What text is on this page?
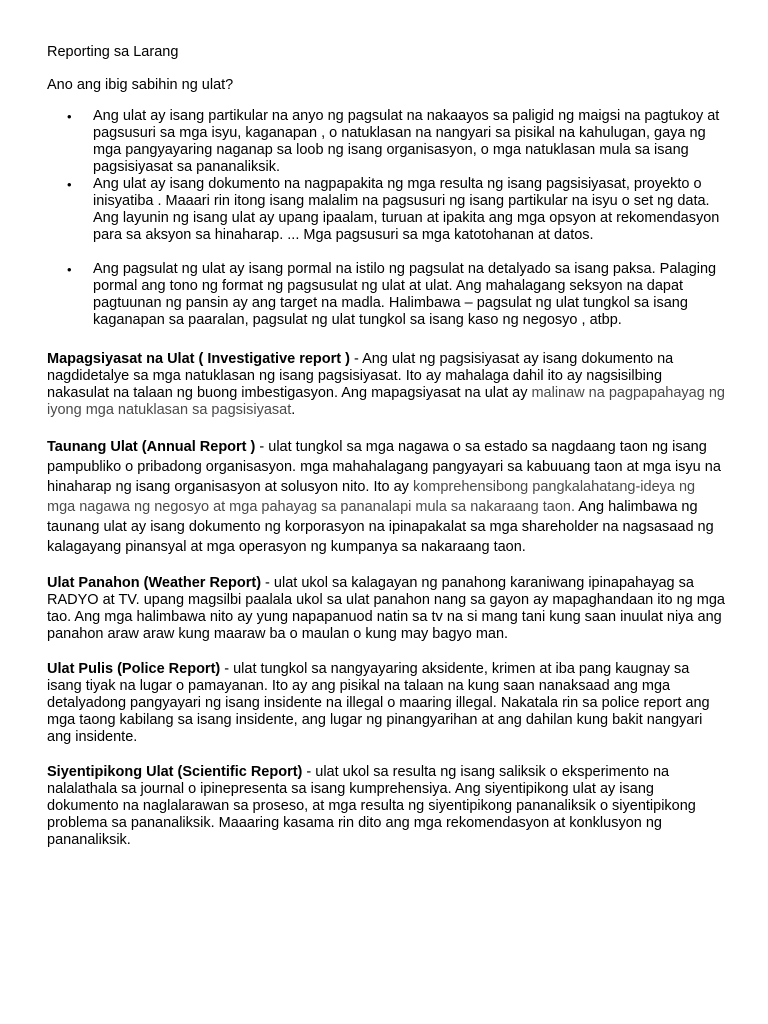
Reporting sa Larang

Ano ang ibig sabihin ng ulat?

• Ang ulat ay isang partikular na anyo ng pagsulat na nakaayos sa paligid ng maigsi na pagtukoy at pagsusuri sa mga isyu, kaganapan , o natuklasan na nangyari sa pisikal na kahulugan, gaya ng mga pangyayaring naganap sa loob ng isang organisasyon, o mga natuklasan mula sa isang pagsisiyasat sa pananaliksik.
• Ang ulat ay isang dokumento na nagpapakita ng mga resulta ng isang pagsisiyasat, proyekto o inisyatiba . Maaari rin itong isang malalim na pagsusuri ng isang partikular na isyu o set ng data. Ang layunin ng isang ulat ay upang ipaalam, turuan at ipakita ang mga opsyon at rekomendasyon para sa aksyon sa hinaharap. ... Mga pagsusuri sa mga katotohanan at datos.
• Ang pagsulat ng ulat ay isang pormal na istilo ng pagsulat na detalyado sa isang paksa. Palaging pormal ang tono ng format ng pagsusulat ng ulat at ulat. Ang mahalagang seksyon na dapat pagtuunan ng pansin ay ang target na madla. Halimbawa – pagsulat ng ulat tungkol sa isang kaganapan sa paaralan, pagsulat ng ulat tungkol sa isang kaso ng negosyo , atbp.

Mapagsiyasat na Ulat ( Investigative report ) - Ang ulat ng pagsisiyasat ay isang dokumento na nagdidetalye sa mga natuklasan ng isang pagsisiyasat. Ito ay mahalaga dahil ito ay nagsisilbing nakasulat na talaan ng buong imbestigasyon. Ang mapagsiyasat na ulat ay malinaw na pagpapahayag ng iyong mga natuklasan sa pagsisiyasat.

Taunang Ulat (Annual Report ) - ulat tungkol sa mga nagawa o sa estado sa nagdaang taon ng isang pampubliko o pribadong organisasyon. mga mahahalagang pangyayari sa kabuuang taon at mga isyu na hinaharap ng isang organisasyon at solusyon nito. Ito ay komprehensibong pangkalahatang-ideya ng mga nagawa ng negosyo at mga pahayag sa pananalapi mula sa nakaraang taon. Ang halimbawa ng taunang ulat ay isang dokumento ng korporasyon na ipinapakalat sa mga shareholder na nagsasaad ng kalagayang pinansyal at mga operasyon ng kumpanya sa nakaraang taon.

Ulat Panahon (Weather Report) - ulat ukol sa kalagayan ng panahong karaniwang ipinapahayag sa RADYO at TV. upang magsilbi paalala ukol sa ulat panahon nang sa gayon ay mapaghandaan ito ng mga tao. Ang mga halimbawa nito ay yung napapanuod natin sa tv na si mang tani kung saan inuulat niya ang panahon araw araw kung maaraw ba o maulan o kung may bagyo man.

Ulat Pulis (Police Report) - ulat tungkol sa nangyayaring aksidente, krimen at iba pang kaugnay sa isang tiyak na lugar o pamayanan. Ito ay ang pisikal na talaan na kung saan nanaksaad ang mga detalyadong pangyayari ng isang insidente na illegal o maaring illegal. Nakatala rin sa police report ang mga taong kabilang sa isang insidente, ang lugar ng pinangyarihan at ang dahilan kung bakit nangyari ang insidente.

Siyentipikong Ulat (Scientific Report) - ulat ukol sa resulta ng isang saliksik o eksperimento na nalalathala sa journal o ipinepresenta sa isang kumprehensiya. Ang siyentipikong ulat ay isang dokumento na naglalarawan sa proseso, at mga resulta ng siyentipikong pananaliksik o siyentipikong problema sa pananaliksik. Maaaring kasama rin dito ang mga rekomendasyon at konklusyon ng pananaliksik.
